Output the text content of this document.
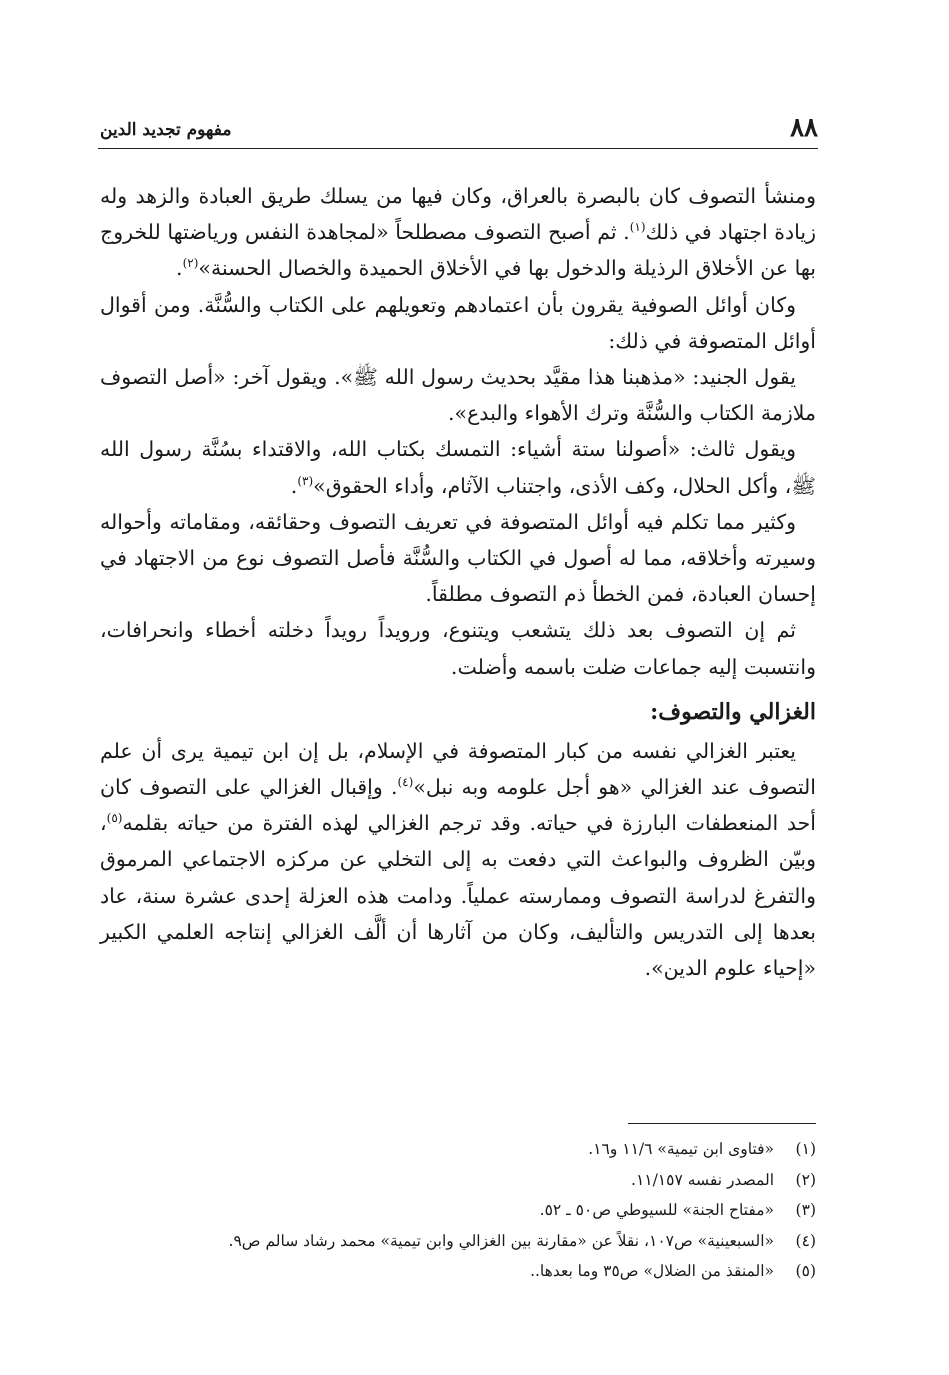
٨٨
مفهوم تجديد الدين

ومنشأ التصوف كان بالبصرة بالعراق، وكان فيها من يسلك طريق العبادة والزهد وله زيادة اجتهاد في ذلك$^{(١)}$. ثم أصبح التصوف مصطلحاً «لمجاهدة النفس ورياضتها للخروج بها عن الأخلاق الرذيلة والدخول بها في الأخلاق الحميدة والخصال الحسنة»$^{(٢)}$.

وكان أوائل الصوفية يقرون بأن اعتمادهم وتعويلهم على الكتاب والسُّنَّة. ومن أقوال أوائل المتصوفة في ذلك:

يقول الجنيد: «مذهبنا هذا مقيَّد بحديث رسول الله ﷺ». ويقول آخر: «أصل التصوف ملازمة الكتاب والسُّنَّة وترك الأهواء والبدع».

ويقول ثالث: «أصولنا ستة أشياء: التمسك بكتاب الله، والاقتداء بسُنَّة رسول الله ﷺ، وأكل الحلال، وكف الأذى، واجتناب الآثام، وأداء الحقوق»$^{(٣)}$.

وكثير مما تكلم فيه أوائل المتصوفة في تعريف التصوف وحقائقه، ومقاماته وأحواله وسيرته وأخلاقه، مما له أصول في الكتاب والسُّنَّة فأصل التصوف نوع من الاجتهاد في إحسان العبادة، فمن الخطأ ذم التصوف مطلقاً.

ثم إن التصوف بعد ذلك يتشعب ويتنوع، ورويداً رويداً دخلته أخطاء وانحرافات، وانتسبت إليه جماعات ضلت باسمه وأضلت.

الغزالي والتصوف:

يعتبر الغزالي نفسه من كبار المتصوفة في الإسلام، بل إن ابن تيمية يرى أن علم التصوف عند الغزالي «هو أجل علومه وبه نبل»$^{(٤)}$. وإقبال الغزالي على التصوف كان أحد المنعطفات البارزة في حياته. وقد ترجم الغزالي لهذه الفترة من حياته بقلمه$^{(٥)}$، وبيّن الظروف والبواعث التي دفعت به إلى التخلي عن مركزه الاجتماعي المرموق والتفرغ لدراسة التصوف وممارسته عملياً. ودامت هذه العزلة إحدى عشرة سنة، عاد بعدها إلى التدريس والتأليف، وكان من آثارها أن ألَّف الغزالي إنتاجه العلمي الكبير «إحياء علوم الدين».

(١)
«فتاوى ابن تيمية» ١١/٦ و١٦.
(٢)
المصدر نفسه ١١/١٥٧.
(٣)
«مفتاح الجنة» للسيوطي ص٥٠ ـ ٥٢.
(٤)
«السبعينية» ص١٠٧، نقلاً عن «مقارنة بين الغزالي وابن تيمية» محمد رشاد سالم ص٩.
(٥)
«المنقذ من الضلال» ص٣٥ وما بعدها..
